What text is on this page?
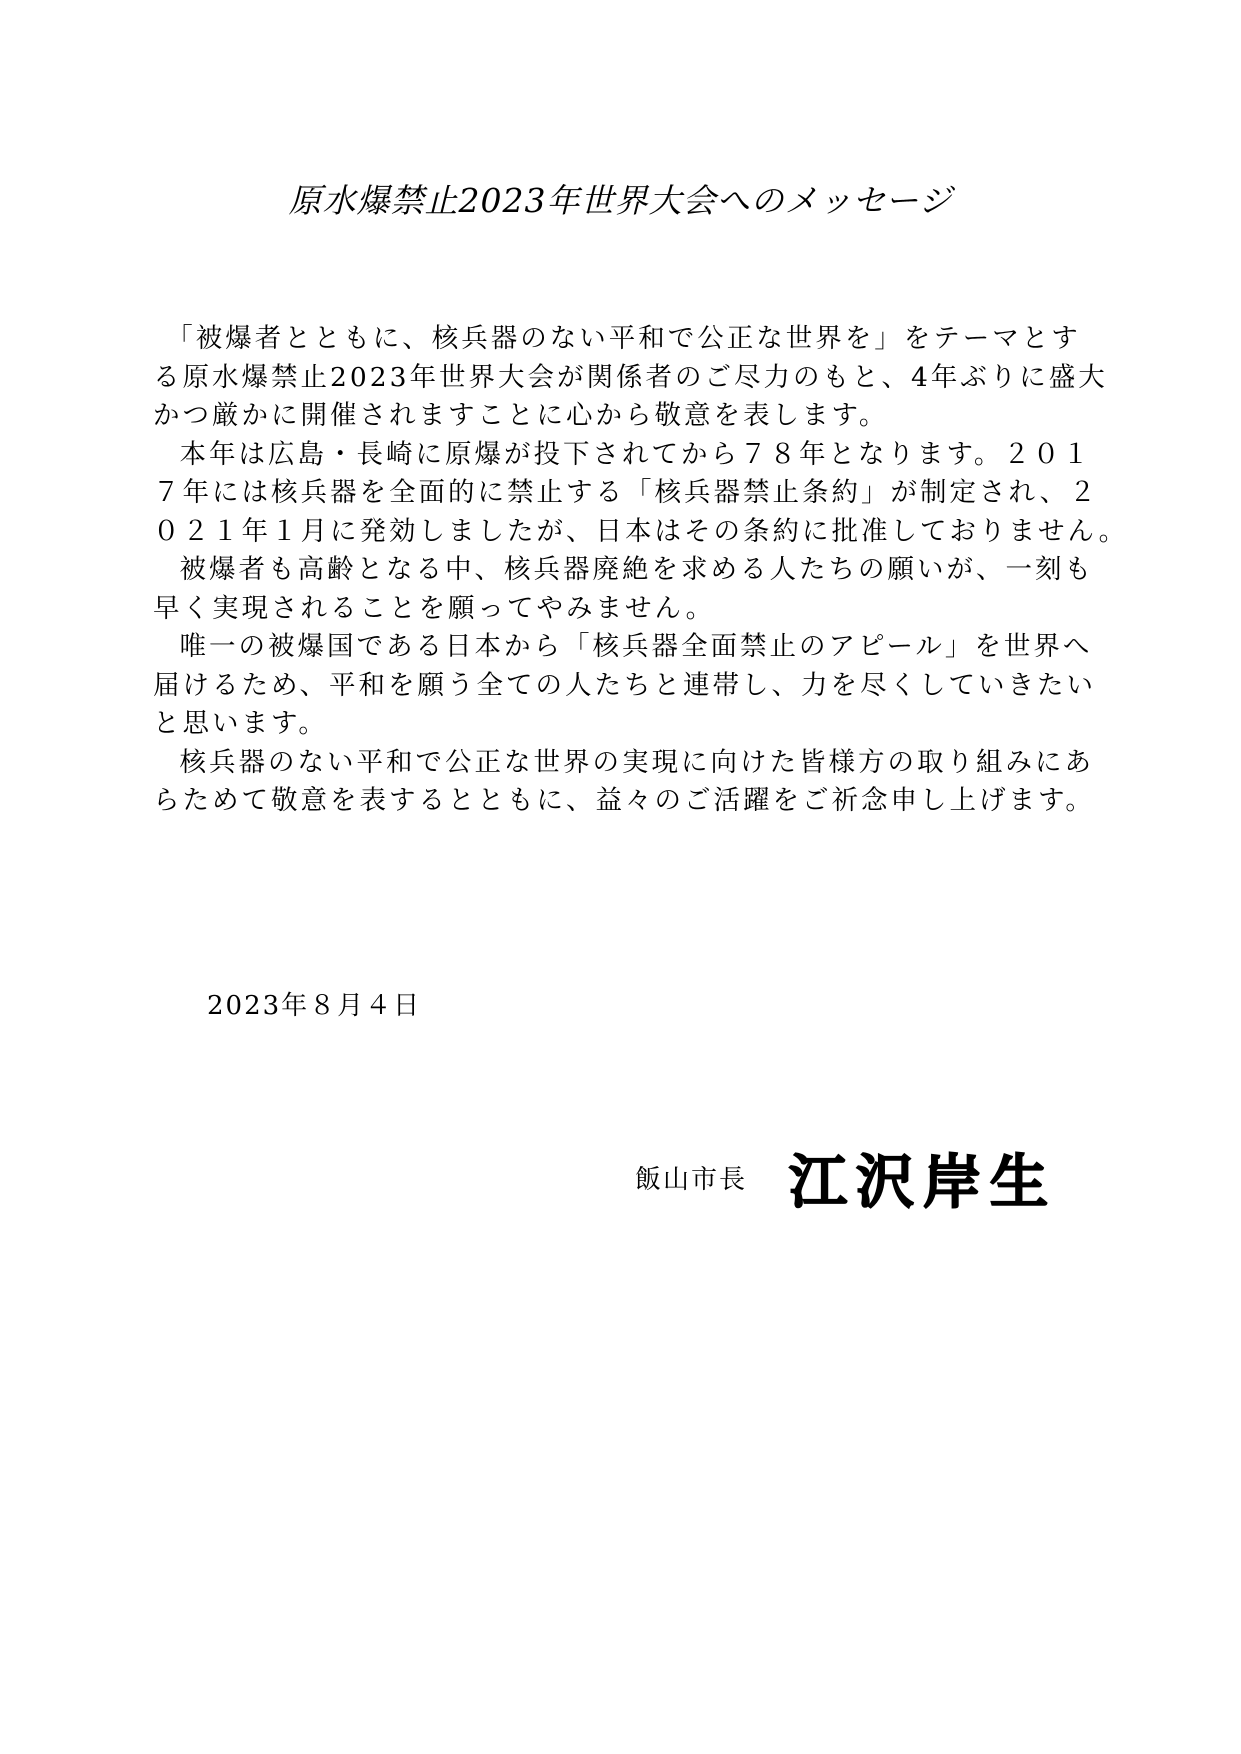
原水爆禁止2023年世界大会へのメッセージ
「被爆者とともに、核兵器のない平和で公正な世界を」をテーマとす
る原水爆禁止2023年世界大会が関係者のご尽力のもと、4年ぶりに盛大
かつ厳かに開催されますことに心から敬意を表します。
本年は広島・長崎に原爆が投下されてから７８年となります。２０１
７年には核兵器を全面的に禁止する「核兵器禁止条約」が制定され、２
０２１年１月に発効しましたが、日本はその条約に批准しておりません。
被爆者も高齢となる中、核兵器廃絶を求める人たちの願いが、一刻も
早く実現されることを願ってやみません。
唯一の被爆国である日本から「核兵器全面禁止のアピール」を世界へ
届けるため、平和を願う全ての人たちと連帯し、力を尽くしていきたい
と思います。
核兵器のない平和で公正な世界の実現に向けた皆様方の取り組みにあ
らためて敬意を表するとともに、益々のご活躍をご祈念申し上げます。
2023年８月４日
飯山市長 江沢岸生
